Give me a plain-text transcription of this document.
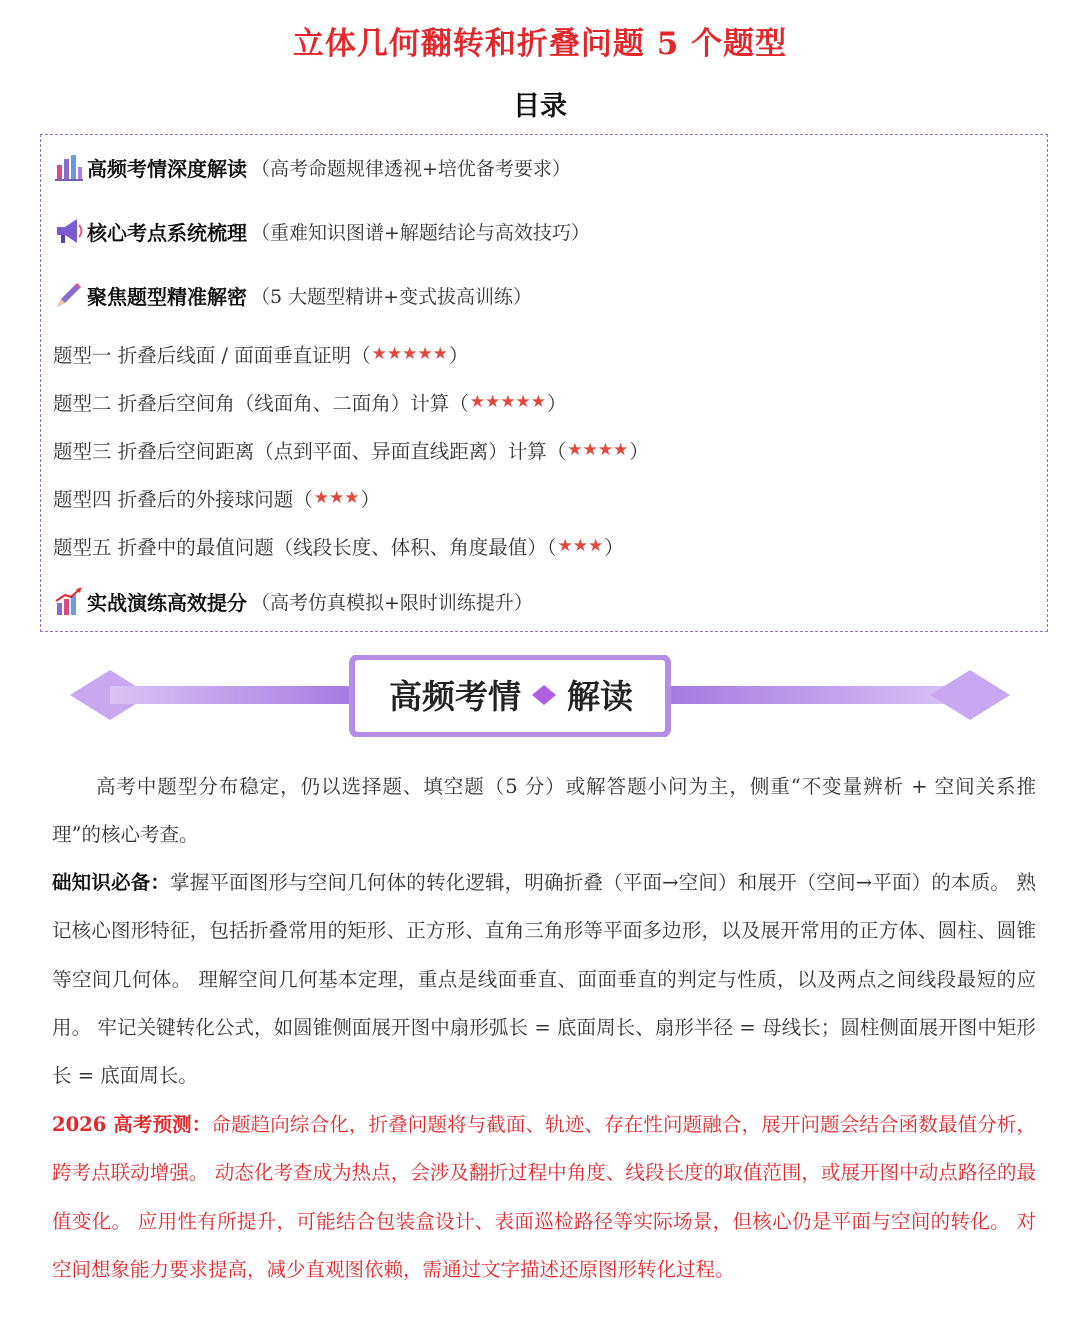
立体几何翻转和折叠问题 5 个题型
目录
高频考情深度解读 （高考命题规律透视+培优备考要求）
核心考点系统梳理 （重难知识图谱+解题结论与高效技巧）
聚焦题型精准解密 （5 大题型精讲+变式拔高训练）
题型一 折叠后线面 / 面面垂直证明（ ★ ★ ★ ★ ★ ）
题型二 折叠后空间角（线面角、二面角）计算（ ★ ★ ★ ★ ★ ）
题型三 折叠后空间距离（点到平面、异面直线距离）计算（ ★ ★ ★ ★ ）
题型四 折叠后的外接球问题（ ★ ★ ★ ）
题型五 折叠中的最值问题（线段长度、体积、角度最值）（ ★ ★ ★ ）
实战演练高效提分 （高考仿真模拟+限时训练提升）
高频考情 解读
高考中题型分布稳定，仍以选择题、填空题（5 分）或解答题小问为主，侧重“不变量辨析 + 空间关系推理”的核心考查。
础知识必备：掌握平面图形与空间几何体的转化逻辑，明确折叠（平面→空间）和展开（空间→平面）的本质。 熟记核心图形特征，包括折叠常用的矩形、正方形、直角三角形等平面多边形，以及展开常用的正方体、圆柱、圆锥等空间几何体。 理解空间几何基本定理，重点是线面垂直、面面垂直的判定与性质，以及两点之间线段最短的应用。 牢记关键转化公式，如圆锥侧面展开图中扇形弧长 = 底面周长、扇形半径 = 母线长；圆柱侧面展开图中矩形长 = 底面周长。
2026 高考预测：命题趋向综合化，折叠问题将与截面、轨迹、存在性问题融合，展开问题会结合函数最值分析，跨考点联动增强。 动态化考查成为热点，会涉及翻折过程中角度、线段长度的取值范围，或展开图中动点路径的最值变化。 应用性有所提升，可能结合包装盒设计、表面巡检路径等实际场景，但核心仍是平面与空间的转化。 对空间想象能力要求提高，减少直观图依赖，需通过文字描述还原图形转化过程。
